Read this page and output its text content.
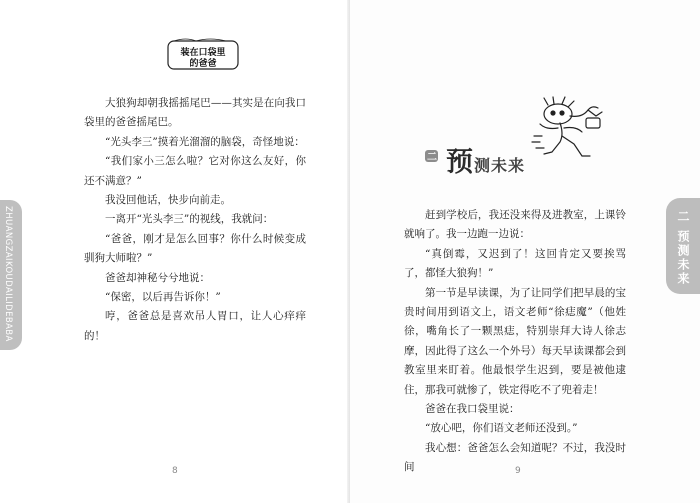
装在口袋里
的爸爸

大狼狗却朝我摇摇尾巴——其实是在向我口袋里的爸爸摇尾巴。

“光头李三”摸着光溜溜的脑袋，奇怪地说：

“我们家小三怎么啦？它对你这么友好，你还不满意？”

我没回他话，快步向前走。

一离开“光头李三”的视线，我就问：

“爸爸，刚才是怎么回事？你什么时候变成驯狗大师啦？”

爸爸却神秘兮兮地说：

“保密，以后再告诉你！”

哼，爸爸总是喜欢吊人胃口，让人心痒痒的！

ZHUANGZAIKOUDAILIDEBABA
8
二 预测未来

赶到学校后，我还没来得及进教室，上课铃就响了。我一边跑一边说：

“真倒霉，又迟到了！这回肯定又要挨骂了，都怪大狼狗！”

第一节是早读课，为了让同学们把早晨的宝贵时间用到语文上，语文老师“徐痣魔”（他姓徐，嘴角长了一颗黑痣，特别崇拜大诗人徐志摩，因此得了这么一个外号）每天早读课都会到教室里来盯着。他最恨学生迟到，要是被他逮住，那我可就惨了，铁定得吃不了兜着走！

爸爸在我口袋里说：

“放心吧，你们语文老师还没到。”

我心想：爸爸怎么会知道呢？不过，我没时间

二 预测未来
9
